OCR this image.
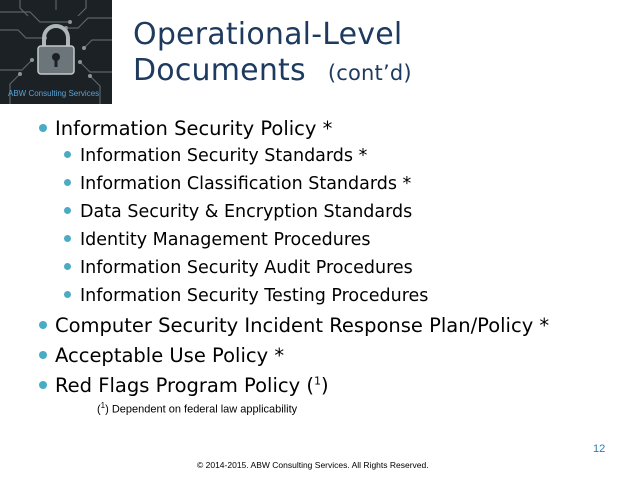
ABW Consulting Services
Operational-Level
Documents (cont’d)
Information Security Policy *
Information Security Standards *
Information Classification Standards *
Data Security & Encryption Standards
Identity Management Procedures
Information Security Audit Procedures
Information Security Testing Procedures
Computer Security Incident Response Plan/Policy *
Acceptable Use Policy *
Red Flags Program Policy ($^1$)
($^1$) Dependent on federal law applicability
12
© 2014-2015. ABW Consulting Services. All Rights Reserved.
